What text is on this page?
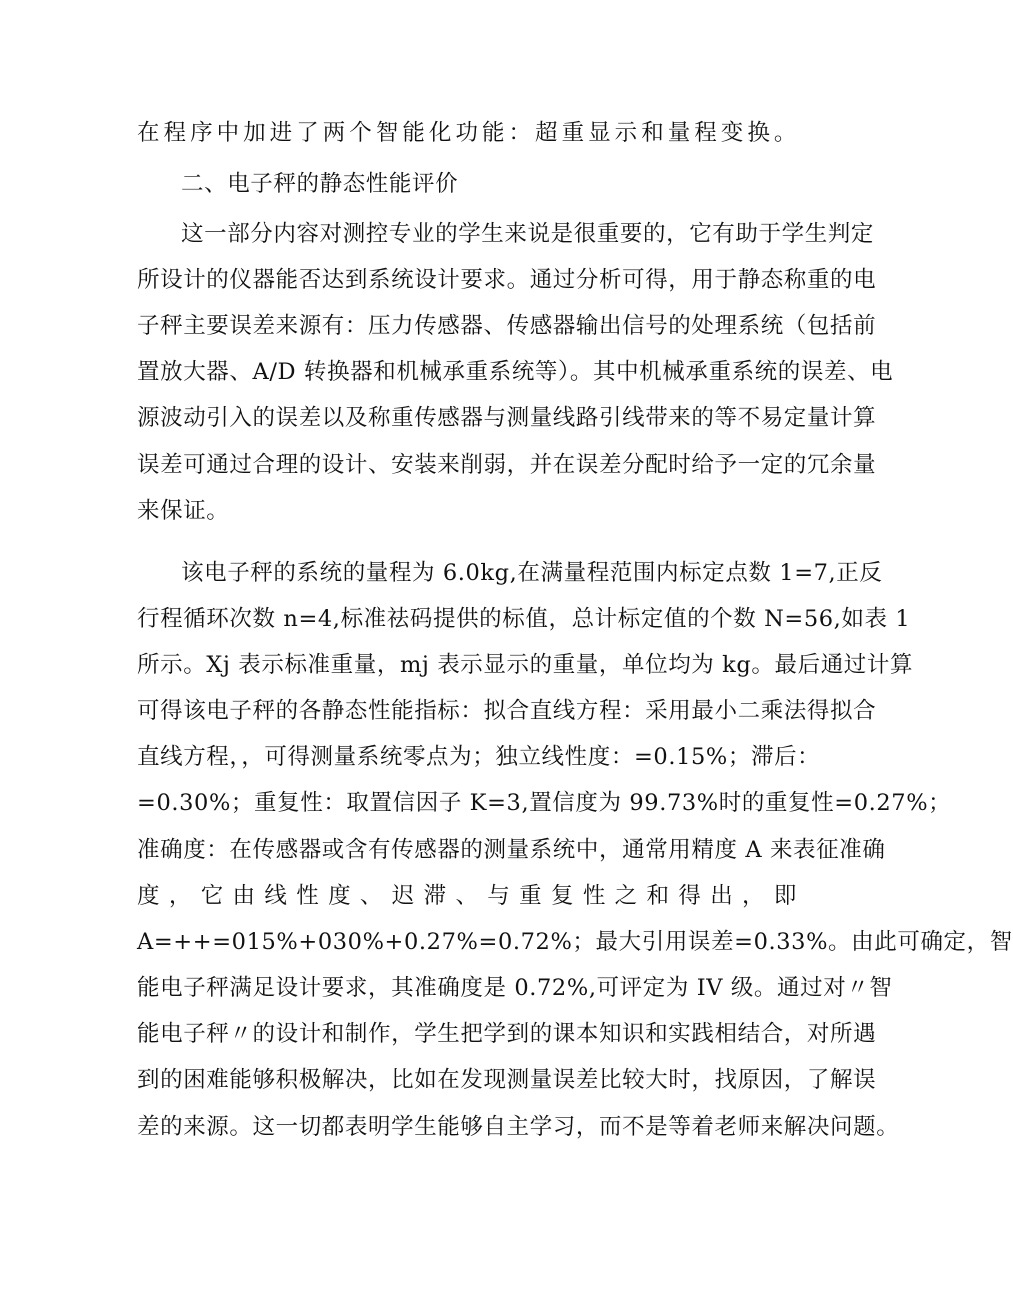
在程序中加进了两个智能化功能：超重显示和量程变换。
二、电子秤的静态性能评价
这一部分内容对测控专业的学生来说是很重要的，它有助于学生判定
所设计的仪器能否达到系统设计要求。通过分析可得，用于静态称重的电
子秤主要误差来源有：压力传感器、传感器输出信号的处理系统（包括前
置放大器、A/D 转换器和机械承重系统等）。其中机械承重系统的误差、电
源波动引入的误差以及称重传感器与测量线路引线带来的等不易定量计算
误差可通过合理的设计、安装来削弱，并在误差分配时给予一定的冗余量
来保证。
该电子秤的系统的量程为 6.0kg,在满量程范围内标定点数 1=7,正反
行程循环次数 n=4,标准祛码提供的标值，总计标定值的个数 N=56,如表 1
所示。Xj 表示标准重量，mj 表示显示的重量，单位均为 kg。最后通过计算
可得该电子秤的各静态性能指标：拟合直线方程：采用最小二乘法得拟合
直线方程，，可得测量系统零点为；独立线性度：=0.15%；滞后：
=0.30%；重复性：取置信因子 K=3,置信度为 99.73%时的重复性=0.27%；
准确度：在传感器或含有传感器的测量系统中，通常用精度 A 来表征准确
度，它由线性度、迟滞、与重复性之和得出，即
A=++=015%+030%+0.27%=0.72%；最大引用误差=0.33%。由此可确定，智
能电子秤满足设计要求，其准确度是 0.72%,可评定为 IV 级。通过对〃智
能电子秤〃的设计和制作，学生把学到的课本知识和实践相结合，对所遇
到的困难能够积极解决，比如在发现测量误差比较大时，找原因，了解误
差的来源。这一切都表明学生能够自主学习，而不是等着老师来解决问题。
